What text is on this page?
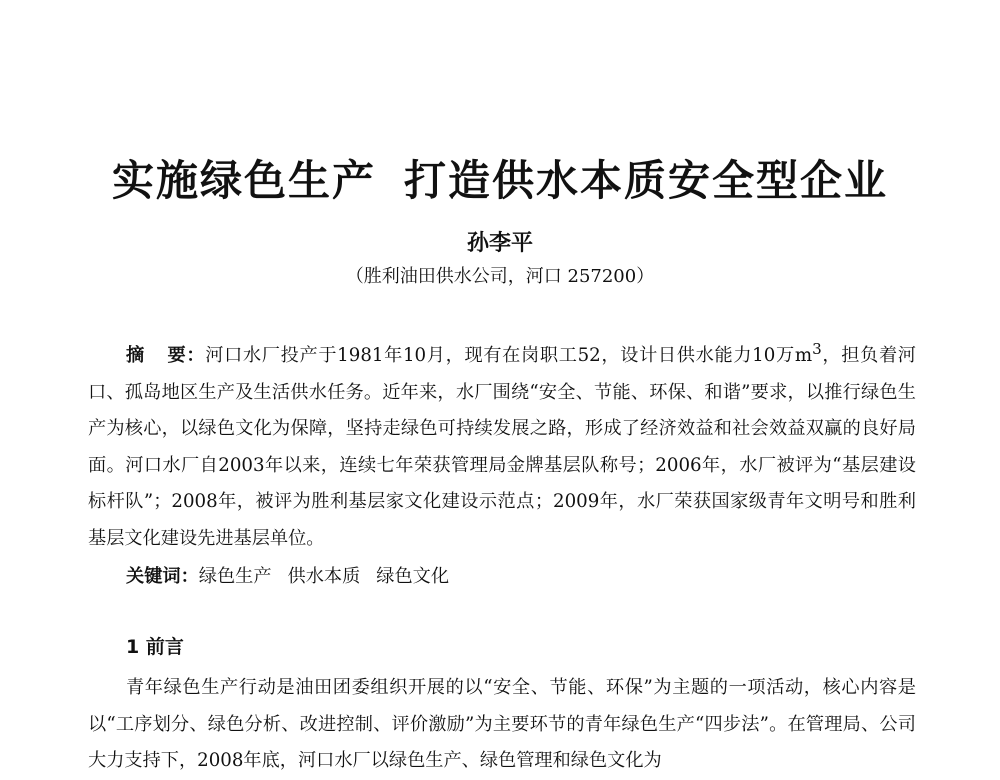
实施绿色生产 打造供水本质安全型企业
孙李平
（胜利油田供水公司，河口 257200）
摘 要：河口水厂投产于1981年10月，现有在岗职工52，设计日供水能力10万$m^3$，担负着河口、孤岛地区生产及生活供水任务。近年来，水厂围绕“安全、节能、环保、和谐”要求，以推行绿色生产为核心，以绿色文化为保障，坚持走绿色可持续发展之路，形成了经济效益和社会效益双赢的良好局面。河口水厂自2003年以来，连续七年荣获管理局金牌基层队称号；2006年，水厂被评为“基层建设标杆队”；2008年，被评为胜利基层家文化建设示范点；2009年，水厂荣获国家级青年文明号和胜利基层文化建设先进基层单位。
关键词：绿色生产 供水本质 绿色文化
1 前言
青年绿色生产行动是油田团委组织开展的以“安全、节能、环保”为主题的一项活动，核心内容是以“工序划分、绿色分析、改进控制、评价激励”为主要环节的青年绿色生产“四步法”。在管理局、公司大力支持下，2008年底，河口水厂以绿色生产、绿色管理和绿色文化为
